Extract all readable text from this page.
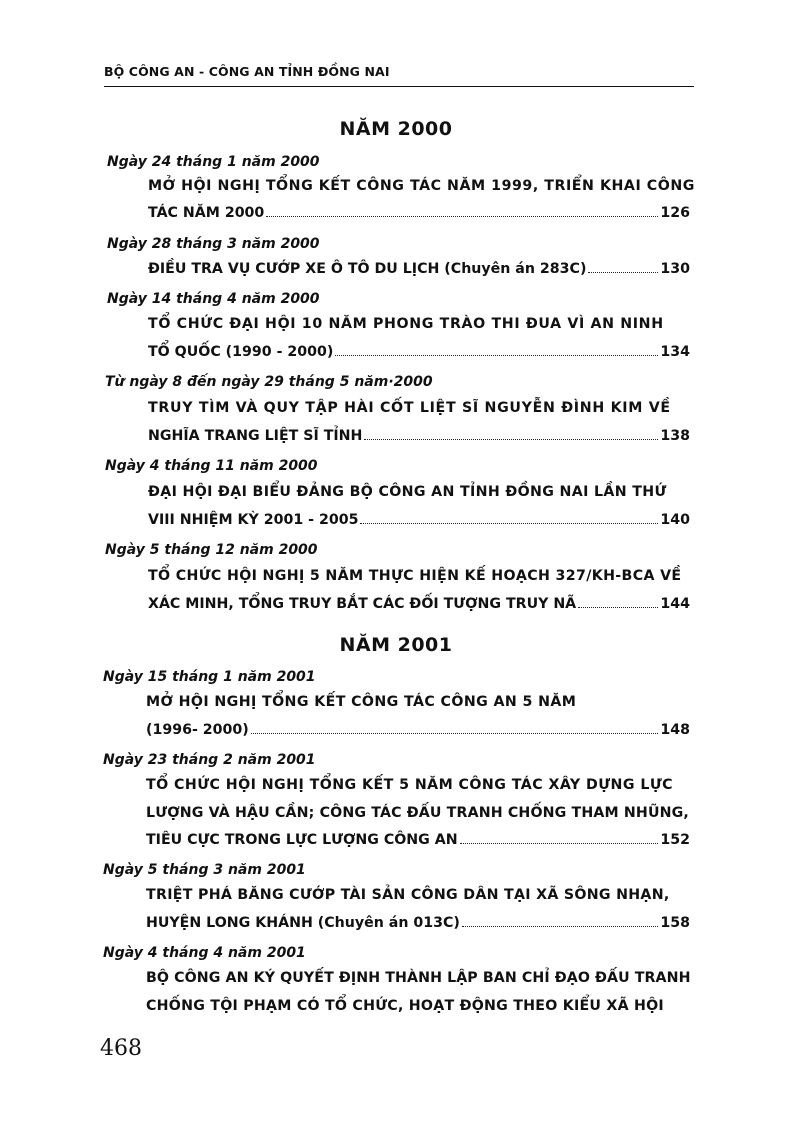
BỘ CÔNG AN - CÔNG AN TỈNH ĐỒNG NAI
NĂM 2000
Ngày 24 tháng 1 năm 2000
MỞ HỘI NGHỊ TỔNG KẾT CÔNG TÁC NĂM 1999, TRIỂN KHAI CÔNG
TÁC NĂM 2000	126
Ngày 28 tháng 3 năm 2000
ĐIỀU TRA VỤ CƯỚP XE Ô TÔ DU LỊCH (Chuyên án 283C)	130
Ngày 14 tháng 4 năm 2000
TỔ CHỨC ĐẠI HỘI 10 NĂM PHONG TRÀO THI ĐUA VÌ AN NINH
TỔ QUỐC (1990 - 2000)	134
Từ ngày 8 đến ngày 29 tháng 5 năm·2000
TRUY TÌM VÀ QUY TẬP HÀI CỐT LIỆT SĨ NGUYỄN ĐÌNH KIM VỀ
NGHĨA TRANG LIỆT SĨ TỈNH	138
Ngày 4 tháng 11 năm 2000
ĐẠI HỘI ĐẠI BIỂU ĐẢNG BỘ CÔNG AN TỈNH ĐỒNG NAI LẦN THỨ
VIII NHIỆM KỲ 2001 - 2005	140
Ngày 5 tháng 12 năm 2000
TỔ CHỨC HỘI NGHỊ 5 NĂM THỰC HIỆN KẾ HOẠCH 327/KH-BCA VỀ
XÁC MINH, TỔNG TRUY BẮT CÁC ĐỐI TƯỢNG TRUY NÃ	144
NĂM 2001
Ngày 15 tháng 1 năm 2001
MỞ HỘI NGHỊ TỔNG KẾT CÔNG TÁC CÔNG AN 5 NĂM
(1996- 2000)	148
Ngày 23 tháng 2 năm 2001
TỔ CHỨC HỘI NGHỊ TỔNG KẾT 5 NĂM CÔNG TÁC XÂY DỰNG LỰC
LƯỢNG VÀ HẬU CẦN; CÔNG TÁC ĐẤU TRANH CHỐNG THAM NHŨNG,
TIÊU CỰC TRONG LỰC LƯỢNG CÔNG AN	152
Ngày 5 tháng 3 năm 2001
TRIỆT PHÁ BĂNG CƯỚP TÀI SẢN CÔNG DÂN TẠI XÃ SÔNG NHẠN,
HUYỆN LONG KHÁNH (Chuyên án 013C)	158
Ngày 4 tháng 4 năm 2001
BỘ CÔNG AN KÝ QUYẾT ĐỊNH THÀNH LẬP BAN CHỈ ĐẠO ĐẤU TRANH
CHỐNG TỘI PHẠM CÓ TỔ CHỨC, HOẠT ĐỘNG THEO KIỂU XÃ HỘI
468
